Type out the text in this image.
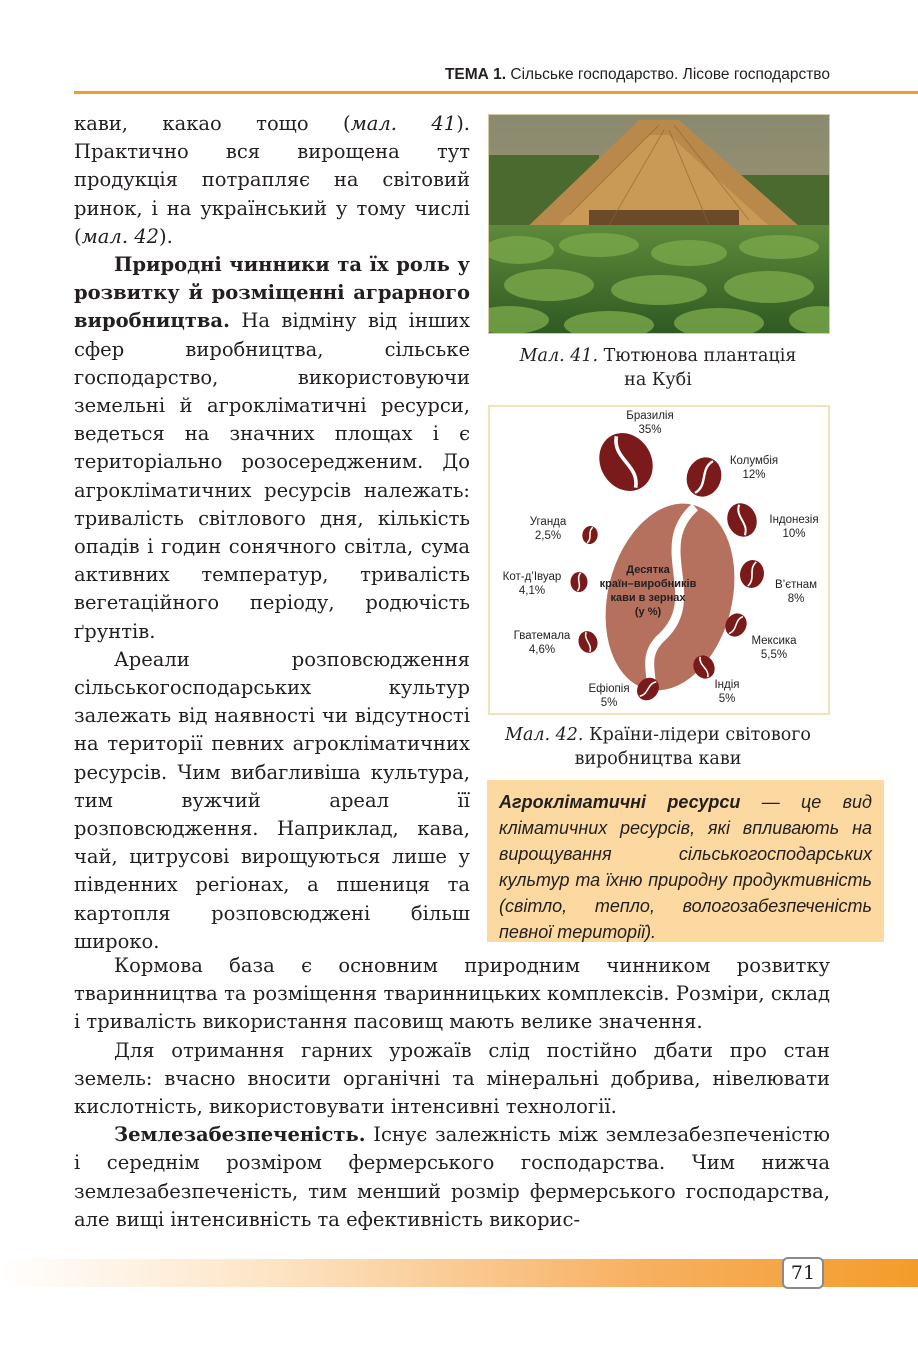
ТЕМА 1. Сільське господарство. Лісове господарство

кави, какао тощо (мал. 41). Практично вся вирощена тут продукція потрапляє на світовий ринок, і на український у тому числі (мал. 42).

Природні чинники та їх роль у розвитку й розміщенні аграрного виробництва. На відміну від інших сфер виробництва, сільське господарство, використовуючи земельні й агрокліматичні ресурси, ведеться на значних площах і є територіально розосередженим. До агрокліматичних ресурсів належать: тривалість світлового дня, кількість опадів і годин сонячного світла, сума активних температур, тривалість вегетаційного періоду, родючість ґрунтів.

Ареали розповсюдження сільськогосподарських культур залежать від наявності чи відсутності на території певних агрокліматичних ресурсів. Чим вибагливіша культура, тим вужчий ареал її розповсюдження. Наприклад, кава, чай, цитрусові вирощуються лише у південних регіонах, а пшениця та картопля розповсюджені більш широко.

Мал. 41. Тютюнова плантація
на Кубі
Десятка
країн–виробників
кави в зернах
(у %)
Бразилія
35%
Колумбія
12%
Індонезія
10%
В’єтнам
8%
Мексика
5,5%
Індія
5%
Ефіопія
5%
Гватемала
4,6%
Кот-д’Івуар
4,1%
Уганда
2,5%
Мал. 42. Країни-лідери світового
виробництва кави
Агрокліматичні ресурси — це вид кліматичних ресурсів, які впливають на вирощування сільськогосподарських культур та їхню природну продуктивність (світло, тепло, вологозабезпеченість певної території).

Кормова база є основним природним чинником розвитку тваринництва та розміщення тваринницьких комплексів. Розміри, склад і тривалість використання пасовищ мають велике значення.

Для отримання гарних урожаїв слід постійно дбати про стан земель: вчасно вносити органічні та мінеральні добрива, нівелювати кислотність, використовувати інтенсивні технології.

Землезабезпеченість. Існує залежність між землезабезпеченістю і середнім розміром фермерського господарства. Чим нижча землезабезпеченість, тим менший розмір фермерського господарства, але вищі інтенсивність та ефективність викорис-

71
